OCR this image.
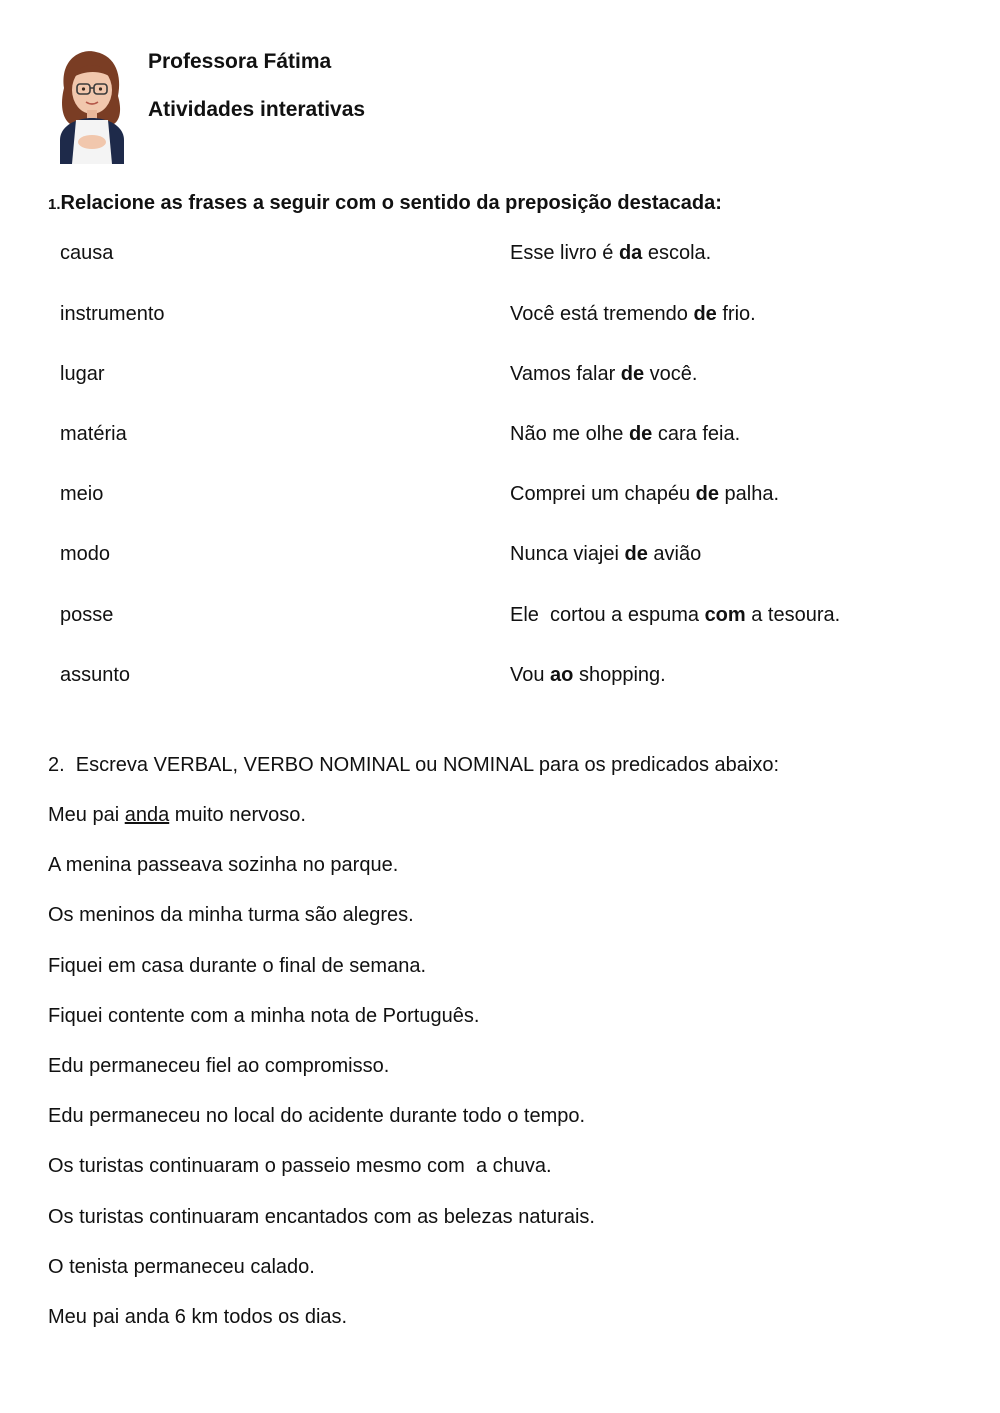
Professora Fátima
Atividades interativas
1.Relacione as frases a seguir com o sentido da preposição destacada:
causa
instrumento
lugar
matéria
meio
modo
posse
assunto
Esse livro é da escola.
Você está tremendo de frio.
Vamos falar de você.
Não me olhe de cara feia.
Comprei um chapéu de palha.
Nunca viajei de avião
Ele  cortou a espuma com a tesoura.
Vou ao shopping.
2.  Escreva VERBAL, VERBO NOMINAL ou NOMINAL para os predicados abaixo:
Meu pai anda muito nervoso.
A menina passeava sozinha no parque.
Os meninos da minha turma são alegres.
Fiquei em casa durante o final de semana.
Fiquei contente com a minha nota de Português.
Edu permaneceu fiel ao compromisso.
Edu permaneceu no local do acidente durante todo o tempo.
Os turistas continuaram o passeio mesmo com  a chuva.
Os turistas continuaram encantados com as belezas naturais.
O tenista permaneceu calado.
Meu pai anda 6 km todos os dias.
